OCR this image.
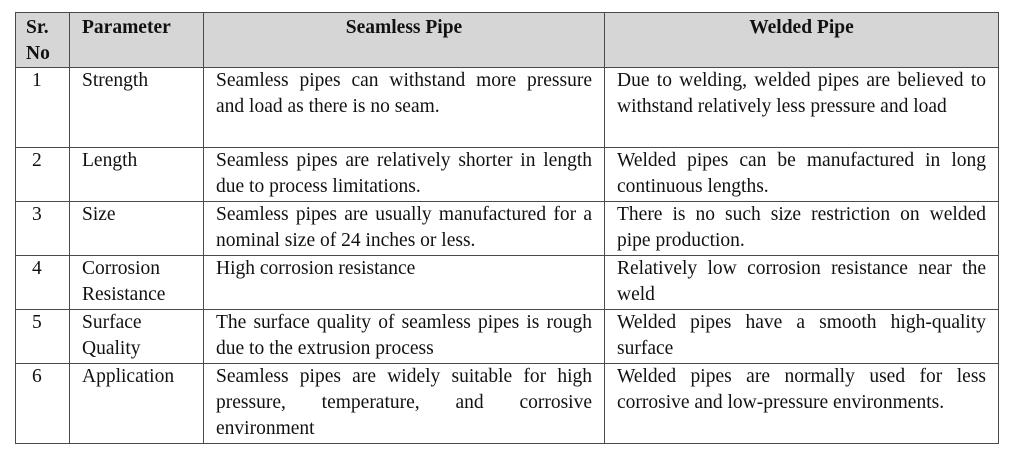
Sr. No	Parameter	Seamless Pipe	Welded Pipe
1	Strength	Seamless pipes can withstand more pressure and load as there is no seam.	Due to welding, welded pipes are believed to withstand relatively less pressure and load
2	Length	Seamless pipes are relatively shorter in length due to process limitations.	Welded pipes can be manufactured in long continuous lengths.
3	Size	Seamless pipes are usually manufactured for a nominal size of 24 inches or less.	There is no such size restriction on welded pipe production.
4	Corrosion Resistance	High corrosion resistance	Relatively low corrosion resistance near the weld
5	Surface Quality	The surface quality of seamless pipes is rough due to the extrusion process	Welded pipes have a smooth high-quality surface
6	Application	Seamless pipes are widely suitable for high pressure, temperature, and corrosive environment	Welded pipes are normally used for less corrosive and low-pressure environments.
